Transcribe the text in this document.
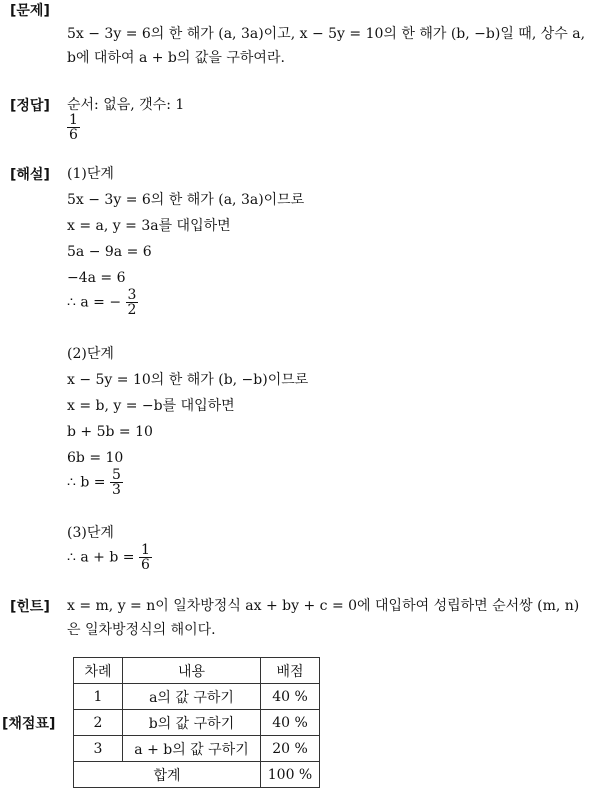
[문제]
5x − 3y = 6의 한 해가 (a, 3a)이고, x − 5y = 10의 한 해가 (b, −b)일 때, 상수 a,
b에 대하여 a + b의 값을 구하여라.
[정답] 순서: 없음, 갯수: 1
$\frac{1}{6}$
[해설] (1)단계
5x − 3y = 6의 한 해가 (a, 3a)이므로
x = a, y = 3a를 대입하면
5a − 9a = 6
−4a = 6
∴ a = − $\frac{3}{2}$
(2)단계
x − 5y = 10의 한 해가 (b, −b)이므로
x = b, y = −b를 대입하면
b + 5b = 10
6b = 10
∴ $b = \frac{5}{3}$
(3)단계
∴ $a + b = \frac{1}{6}$
[힌트] x = m, y = n이 일차방정식 ax + by + c = 0에 대입하여 성립하면 순서쌍 (m, n)
은 일차방정식의 해이다.
[채점표]
차례	내용	배점
1	a의 값 구하기	40 %
2	b의 값 구하기	40 %
3	a + b의 값 구하기	20 %
합계		100 %
